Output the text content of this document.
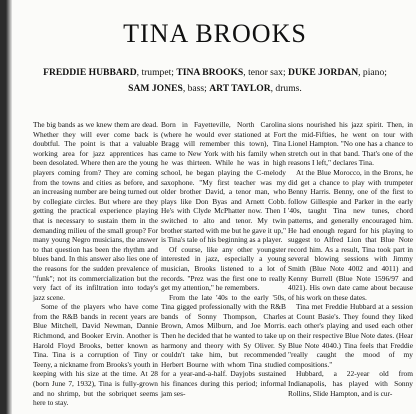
TINA BROOKS
FREDDIE HUBBARD, trumpet; TINA BROOKS, tenor sax; DUKE JORDAN, piano;
SAM JONES, bass; ART TAYLOR, drums.

The big bands as we knew them are dead. Whether they will ever come back is doubtful. The point is that a valuable working area for jazz apprentices has been desolated. Where then are the young players coming from? They are coming from the towns and cities as before, and an increasing number are being turned out by collegiate circles. But where are they getting the practical experience playing that is necessary to sustain them in the demanding milieu of the small group? For many young Negro musicians, the answer to that question has been the rhythm and blues band. In this answer also lies one of the reasons for the sudden prevalence of "funk"; not its commercialization but the very fact of its infiltration into today's jazz scene.

Some of the players who have come from the R&B bands in recent years are Blue Mitchell, David Newman, Dannie Richmond, and Booker Ervin. Another is Harold Floyd Brooks, better known as Tina. Tina is a corruption of Tiny or Teeny, a nickname from Brooks's youth in keeping with his size at the time. At 28 (born June 7, 1932), Tina is fully-grown and no shrimp, but the sobriquet seems here to stay.

Born in Fayetteville, North Carolina (where he would ever stationed at Fort Bragg will remember this town), Tina came to New York with his family when he was thirteen. While he was in high school, he began playing the C-melody saxophone. "My first teacher was my older brother David, a tenor man, who plays like Don Byas and Arnett Cobb. He's with Clyde McPhatter now. Then I switched to alto and tenor. My twin brother started with me but he gave it up," is Tina's tale of his beginning as a player.

Of course, like any other youngster interested in jazz, especially a young musician, Brooks listened to a lot of records. "Prez was the first one to really get my attention," he remembers.

From the late '40s to the early '50s, Tina gigged professionally with the R&B bands of Sonny Thompson, Charles Brown, Amos Milburn, and Joe Morris. Then he decided that he wanted to take up harmony and theory with Sy Oliver. Sy couldn't take him, but recommended Herbert Bourne with whom Tina studied for a year-and-a-half. Dayjobs sustained his finances during this period; informal jam ses-

sions nourished his jazz spirit. Then, in the mid-Fifties, he went on tour with Lionel Hampton. "No one has a chance to stretch out in that band. That's one of the reasons I left," declares Tina.

At the Blue Morocco, in the Bronx, he did get a chance to play with trumpeter Benny Harris. Benny, one of the first to follow Gillespie and Parker in the early '40s, taught Tina new tunes, chord patterns, and generally encouraged him. He had enough regard for his playing to suggest to Alfred Lion that Blue Note record him. As a result, Tina took part in several blowing sessions with Jimmy Smith (Blue Note 4002 and 4011) and Kenny Burrell (Blue Note 1596/97 and 4021). His own date came about because of his work on these dates.

Tina met Freddie Hubbard at a session at Count Basie's. They found they liked each other's playing and used each other on their respective Blue Note dates. (Hear Blue Note 4040.) Tina feels that Freddie "really caught the mood of my compositions."

Hubbard, a 22-year old from Indianapolis, has played with Sonny Rollins, Slide Hampton, and is cur-
